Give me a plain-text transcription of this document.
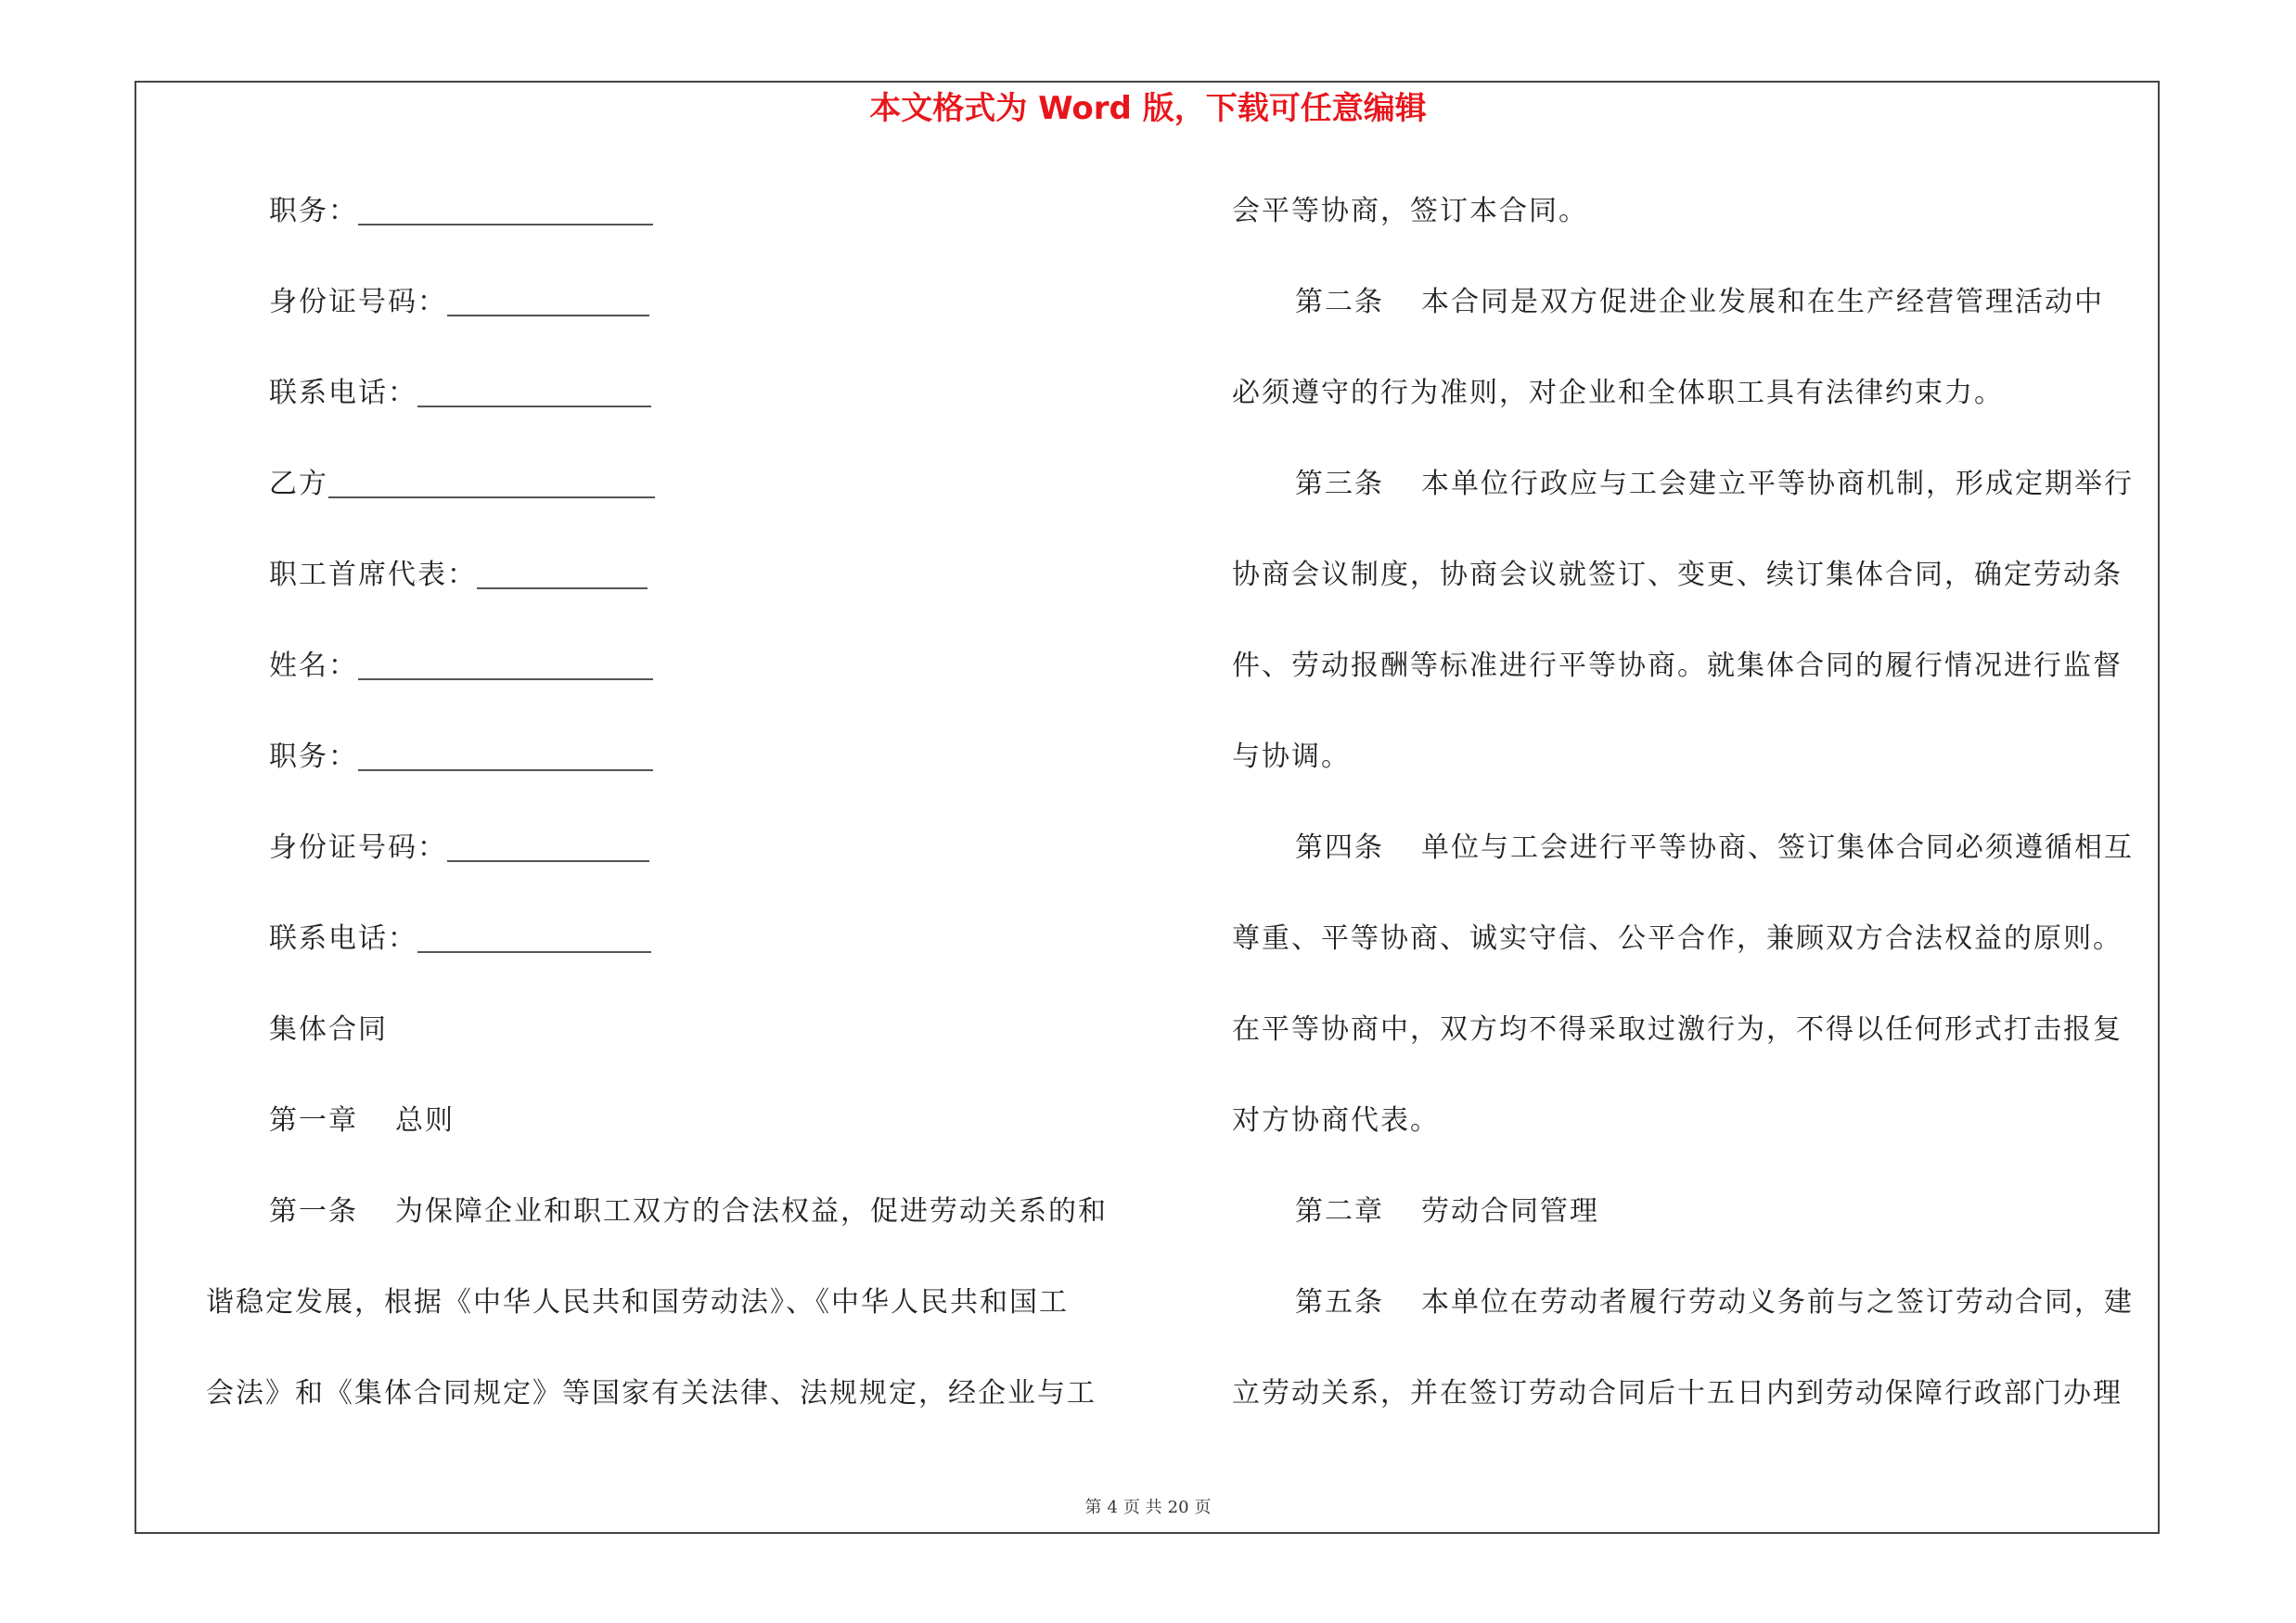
本文格式为 Word 版，下载可任意编辑
职务：
身份证号码：
联系电话：
乙方
职工首席代表：
姓名：
职务：
身份证号码：
联系电话：
集体合同
第一章 总则
第一条 为保障企业和职工双方的合法权益，促进劳动关系的和
谐稳定发展，根据《中华人民共和国劳动法》、《中华人民共和国工
会法》和《集体合同规定》等国家有关法律、法规规定，经企业与工
会平等协商，签订本合同。
第二条 本合同是双方促进企业发展和在生产经营管理活动中
必须遵守的行为准则，对企业和全体职工具有法律约束力。
第三条 本单位行政应与工会建立平等协商机制，形成定期举行
协商会议制度，协商会议就签订、变更、续订集体合同，确定劳动条
件、劳动报酬等标准进行平等协商。就集体合同的履行情况进行监督
与协调。
第四条 单位与工会进行平等协商、签订集体合同必须遵循相互
尊重、平等协商、诚实守信、公平合作，兼顾双方合法权益的原则。
在平等协商中，双方均不得采取过激行为，不得以任何形式打击报复
对方协商代表。
第二章 劳动合同管理
第五条 本单位在劳动者履行劳动义务前与之签订劳动合同，建
立劳动关系，并在签订劳动合同后十五日内到劳动保障行政部门办理
第 4 页 共 20 页
